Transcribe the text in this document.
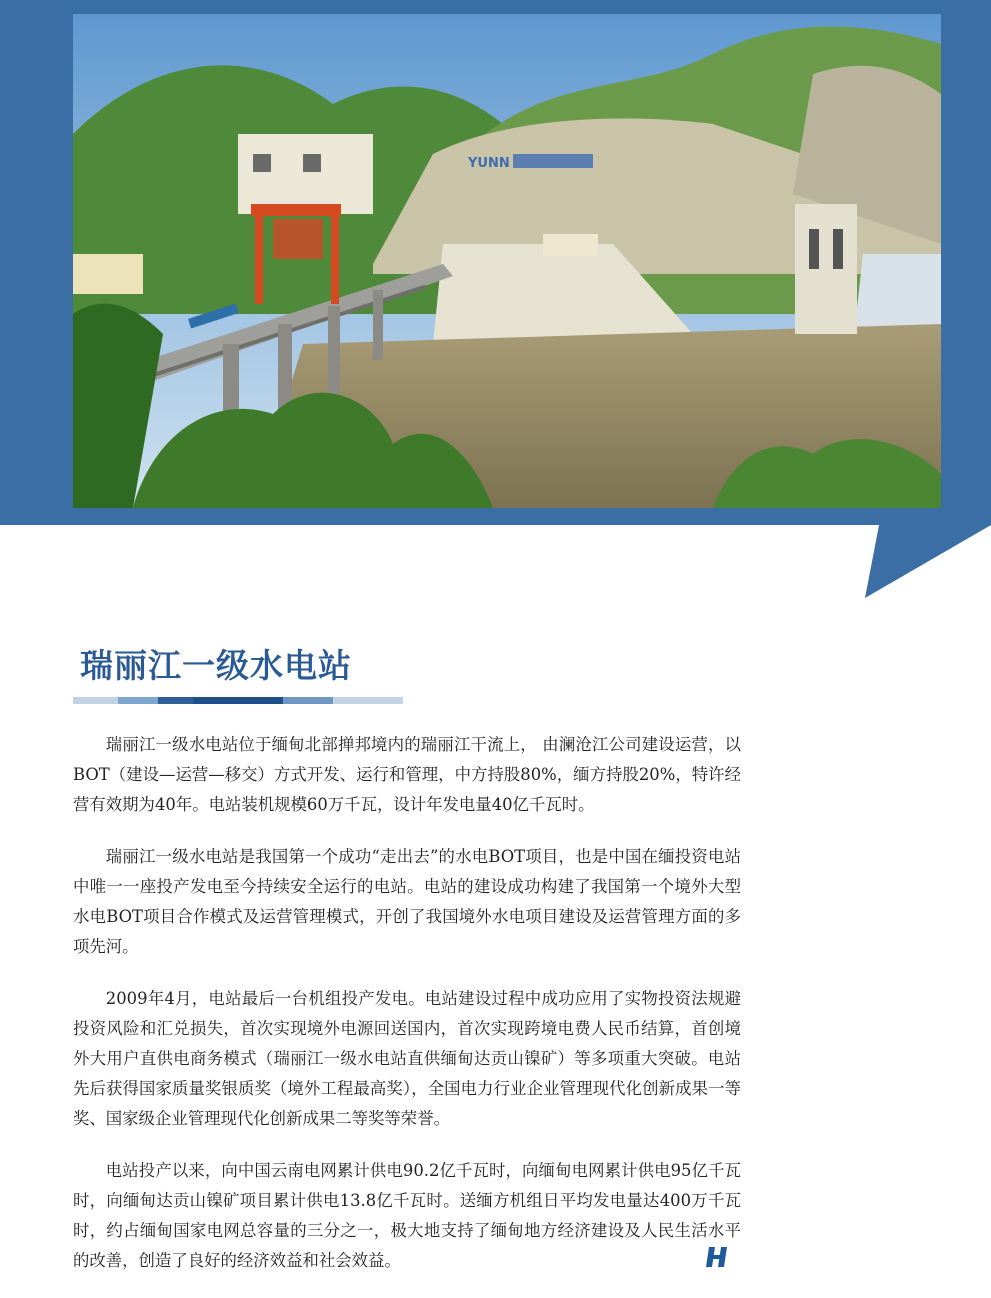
YUNN
瑞丽江一级水电站

瑞丽江一级水电站位于缅甸北部掸邦境内的瑞丽江干流上， 由澜沧江公司建设运营，以BOT（建设—运营—移交）方式开发、运行和管理，中方持股80%，缅方持股20%，特许经营有效期为40年。电站装机规模60万千瓦，设计年发电量40亿千瓦时。

瑞丽江一级水电站是我国第一个成功“走出去”的水电BOT项目，也是中国在缅投资电站中唯一一座投产发电至今持续安全运行的电站。电站的建设成功构建了我国第一个境外大型水电BOT项目合作模式及运营管理模式，开创了我国境外水电项目建设及运营管理方面的多项先河。

2009年4月，电站最后一台机组投产发电。电站建设过程中成功应用了实物投资法规避投资风险和汇兑损失，首次实现境外电源回送国内，首次实现跨境电费人民币结算，首创境外大用户直供电商务模式（瑞丽江一级水电站直供缅甸达贡山镍矿）等多项重大突破。电站先后获得国家质量奖银质奖（境外工程最高奖），全国电力行业企业管理现代化创新成果一等奖、国家级企业管理现代化创新成果二等奖等荣誉。

电站投产以来，向中国云南电网累计供电90.2亿千瓦时，向缅甸电网累计供电95亿千瓦时，向缅甸达贡山镍矿项目累计供电13.8亿千瓦时。送缅方机组日平均发电量达400万千瓦时，约占缅甸国家电网总容量的三分之一，极大地支持了缅甸地方经济建设及人民生活水平的改善，创造了良好的经济效益和社会效益。
